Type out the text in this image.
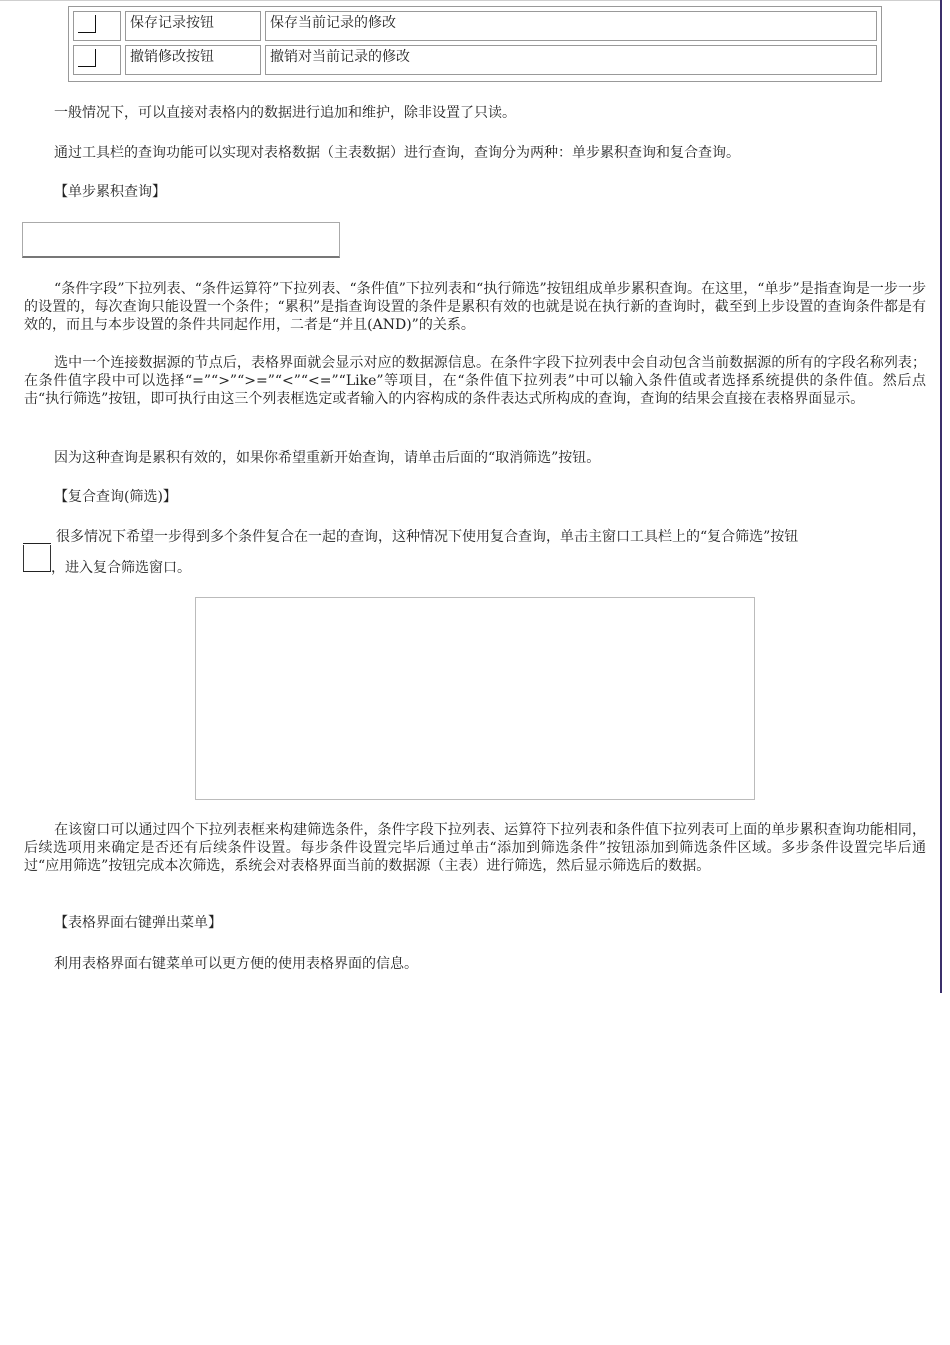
保存记录按钮	保存当前记录的修改
撤销修改按钮	撤销对当前记录的修改

一般情况下，可以直接对表格内的数据进行追加和维护，除非设置了只读。

通过工具栏的查询功能可以实现对表格数据（主表数据）进行查询，查询分为两种：单步累积查询和复合查询。

【单步累积查询】

“条件字段”下拉列表、“条件运算符”下拉列表、“条件值”下拉列表和“执行筛选”按钮组成单步累积查询。在这里，“单步”是指查询是一步一步的设置的，每次查询只能设置一个条件；“累积”是指查询设置的条件是累积有效的也就是说在执行新的查询时，截至到上步设置的查询条件都是有效的，而且与本步设置的条件共同起作用，二者是“并且(AND)”的关系。

选中一个连接数据源的节点后，表格界面就会显示对应的数据源信息。在条件字段下拉列表中会自动包含当前数据源的所有的字段名称列表；在条件值字段中可以选择“=”“>”“>=”“<”“<=”“Like”等项目，在“条件值下拉列表”中可以输入条件值或者选择系统提供的条件值。然后点击“执行筛选”按钮，即可执行由这三个列表框选定或者输入的内容构成的条件表达式所构成的查询，查询的结果会直接在表格界面显示。

因为这种查询是累积有效的，如果你希望重新开始查询，请单击后面的“取消筛选”按钮。

【复合查询(筛选)】

很多情况下希望一步得到多个条件复合在一起的查询，这种情况下使用复合查询，单击主窗口工具栏上的“复合筛选”按钮

，进入复合筛选窗口。

在该窗口可以通过四个下拉列表框来构建筛选条件，条件字段下拉列表、运算符下拉列表和条件值下拉列表可上面的单步累积查询功能相同，后续选项用来确定是否还有后续条件设置。每步条件设置完毕后通过单击“添加到筛选条件”按钮添加到筛选条件区域。多步条件设置完毕后通过“应用筛选”按钮完成本次筛选，系统会对表格界面当前的数据源（主表）进行筛选，然后显示筛选后的数据。

【表格界面右键弹出菜单】

利用表格界面右键菜单可以更方便的使用表格界面的信息。
